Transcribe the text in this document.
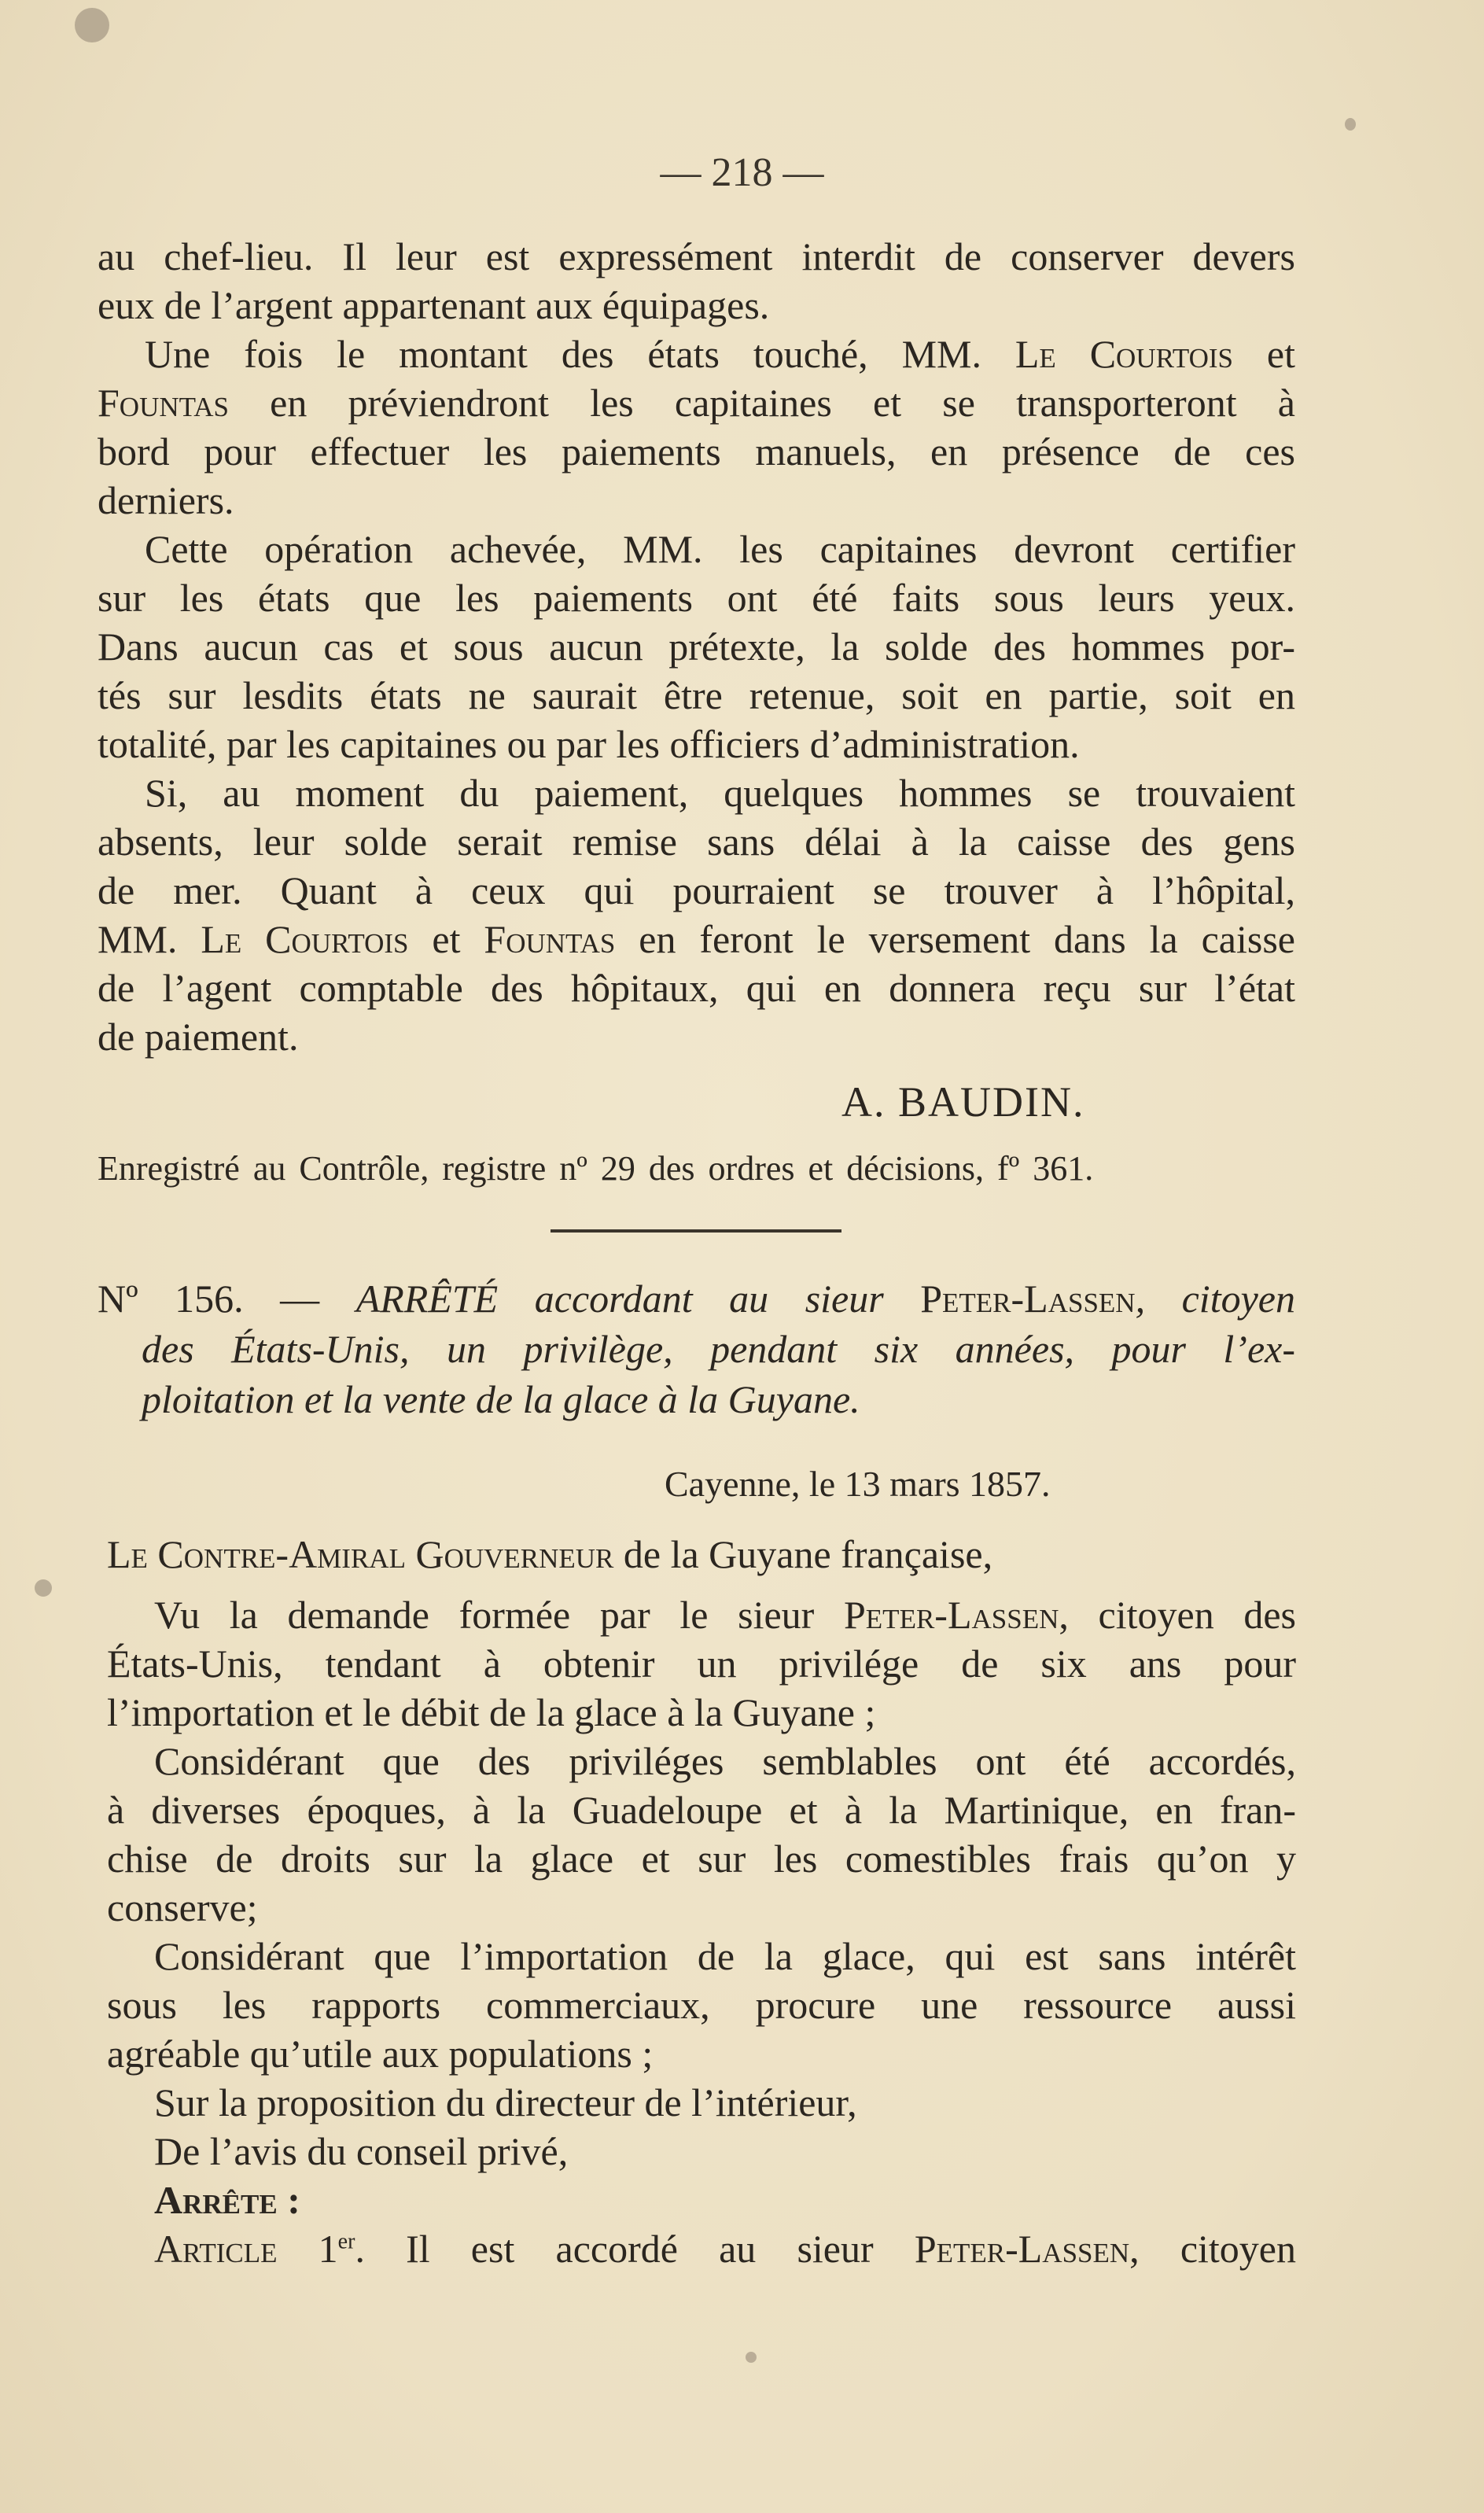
— 218 —
au chef-lieu. Il leur est expressément interdit de conserver devers
eux de l’argent appartenant aux équipages.
Une fois le montant des états touché, MM. Le Courtois et
Fountas en préviendront les capitaines et se transporteront à
bord pour effectuer les paiements manuels, en présence de ces
derniers.
Cette opération achevée, MM. les capitaines devront certifier
sur les états que les paiements ont été faits sous leurs yeux.
Dans aucun cas et sous aucun prétexte, la solde des hommes por-
tés sur lesdits états ne saurait être retenue, soit en partie, soit en
totalité, par les capitaines ou par les officiers d’administration.
Si, au moment du paiement, quelques hommes se trouvaient
absents, leur solde serait remise sans délai à la caisse des gens
de mer. Quant à ceux qui pourraient se trouver à l’hôpital,
MM. Le Courtois et Fountas en feront le versement dans la caisse
de l’agent comptable des hôpitaux, qui en donnera reçu sur l’état
de paiement.
A. BAUDIN.
Enregistré au Contrôle, registre nº 29 des ordres et décisions, fº 361.
Nº 156. — ARRÊTÉ accordant au sieur Peter-Lassen, citoyen
des États-Unis, un privilège, pendant six années, pour l’ex-
ploitation et la vente de la glace à la Guyane.
Cayenne, le 13 mars 1857.
Le Contre-Amiral Gouverneur de la Guyane française,
Vu la demande formée par le sieur Peter-Lassen, citoyen des
États-Unis, tendant à obtenir un privilége de six ans pour
l’importation et le débit de la glace à la Guyane ;
Considérant que des priviléges semblables ont été accordés,
à diverses époques, à la Guadeloupe et à la Martinique, en fran-
chise de droits sur la glace et sur les comestibles frais qu’on y
conserve;
Considérant que l’importation de la glace, qui est sans intérêt
sous les rapports commerciaux, procure une ressource aussi
agréable qu’utile aux populations ;
Sur la proposition du directeur de l’intérieur,
De l’avis du conseil privé,
Arrête :
Article 1er. Il est accordé au sieur Peter-Lassen, citoyen
